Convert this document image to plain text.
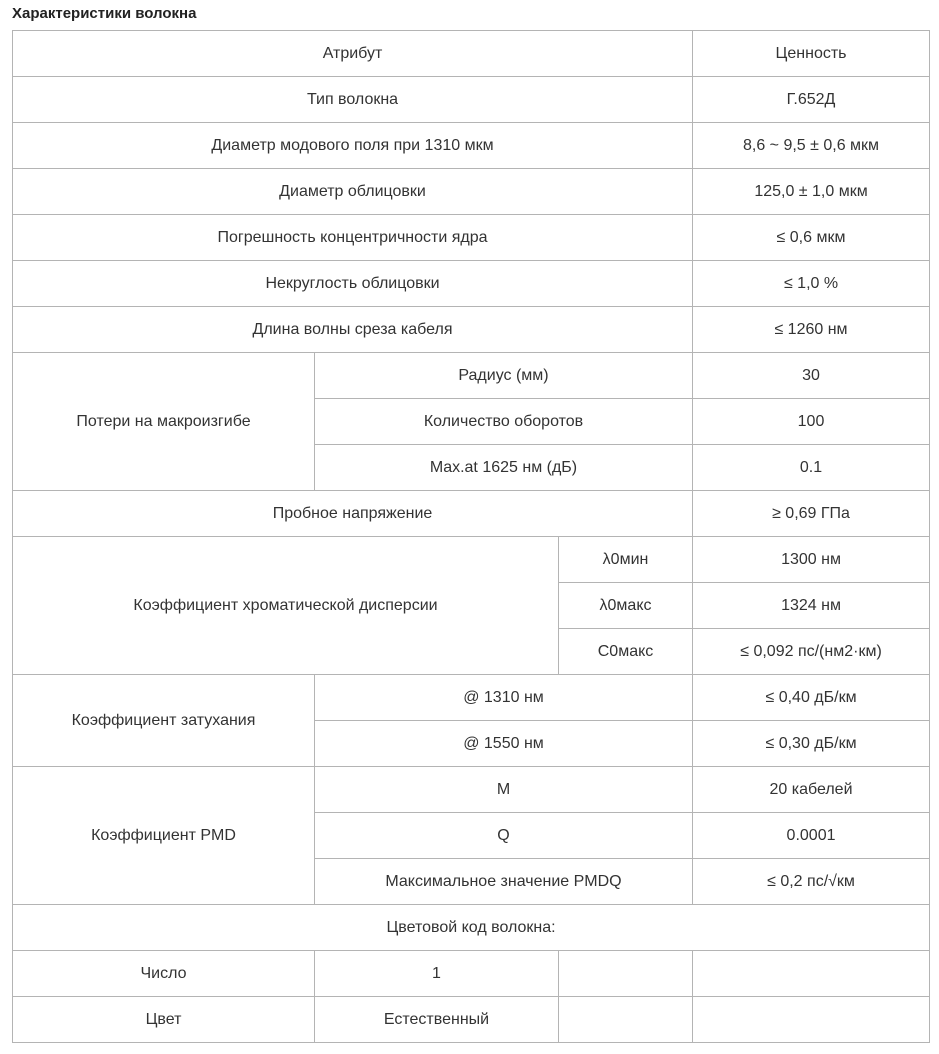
Характеристики волокна
Атрибут			Ценность
Тип волокна			Г.652Д
Диаметр модового поля при 1310 мкм			8,6 ~ 9,5 ± 0,6 мкм
Диаметр облицовки			125,0 ± 1,0 мкм
Погрешность концентричности ядра			≤ 0,6 мкм
Некруглость облицовки			≤ 1,0 %
Длина волны среза кабеля			≤ 1260 нм
Потери на макроизгибе	Радиус (мм)		30
	Количество оборотов		100
	Max.at 1625 нм (дБ)		0.1
Пробное напряжение			≥ 0,69 ГПа
Коэффициент хроматической дисперсии		λ0мин	1300 нм
		λ0макс	1324 нм
		С0макс	≤ 0,092 пс/(нм2·км)
Коэффициент затухания	@ 1310 нм		≤ 0,40 дБ/км
	@ 1550 нм		≤ 0,30 дБ/км
Коэффициент PMD	М		20 кабелей
	Q		0.0001
	Максимальное значение PMDQ		≤ 0,2 пс/√км
Цветовой код волокна:			
Число	1		
Цвет	Естественный		
